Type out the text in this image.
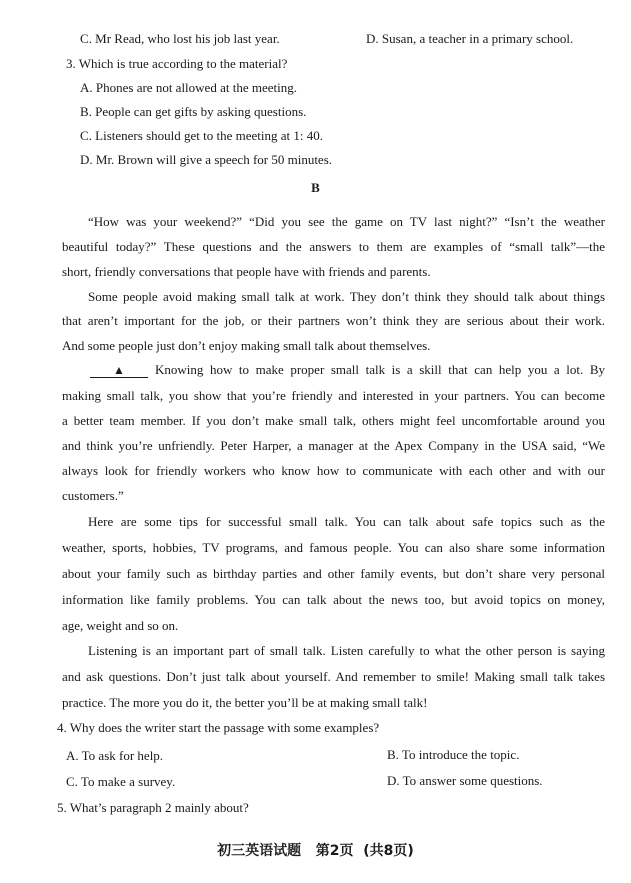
C. Mr Read, who lost his job last year.	D. Susan, a teacher in a primary school.
3. Which is true according to the material?
A. Phones are not allowed at the meeting.
B. People can get gifts by asking questions.
C. Listeners should get to the meeting at 1: 40.
D. Mr. Brown will give a speech for 50 minutes.
B
“How was your weekend?” “Did you see the game on TV last night?” “Isn’t the weather
beautiful today?” These questions and the answers to them are examples of “small talk”—the
short, friendly conversations that people have with friends and parents.
Some people avoid making small talk at work. They don’t think they should talk about things
that aren’t important for the job, or their partners won’t think they are serious about their work.
And some people just don’t enjoy making small talk about themselves.
▲	Knowing how to make proper small talk is a skill that can help you a lot. By
making small talk, you show that you’re friendly and interested in your partners. You can become
a better team member. If you don’t make small talk, others might feel uncomfortable around you
and think you’re unfriendly. Peter Harper, a manager at the Apex Company in the USA said, “We
always look for friendly workers who know how to communicate with each other and with our
customers.”
Here are some tips for successful small talk. You can talk about safe topics such as the
weather, sports, hobbies, TV programs, and famous people. You can also share some information
about your family such as birthday parties and other family events, but don’t share very personal
information like family problems. You can talk about the news too, but avoid topics on money,
age, weight and so on.
Listening is an important part of small talk. Listen carefully to what the other person is saying
and ask questions. Don’t just talk about yourself. And remember to smile! Making small talk takes
practice. The more you do it, the better you’ll be at making small talk!
4. Why does the writer start the passage with some examples?
A. To ask for help.	B. To introduce the topic.
C. To make a survey.	D. To answer some questions.
5. What’s paragraph 2 mainly about?
初三英语试题   第2页  (共8页)
